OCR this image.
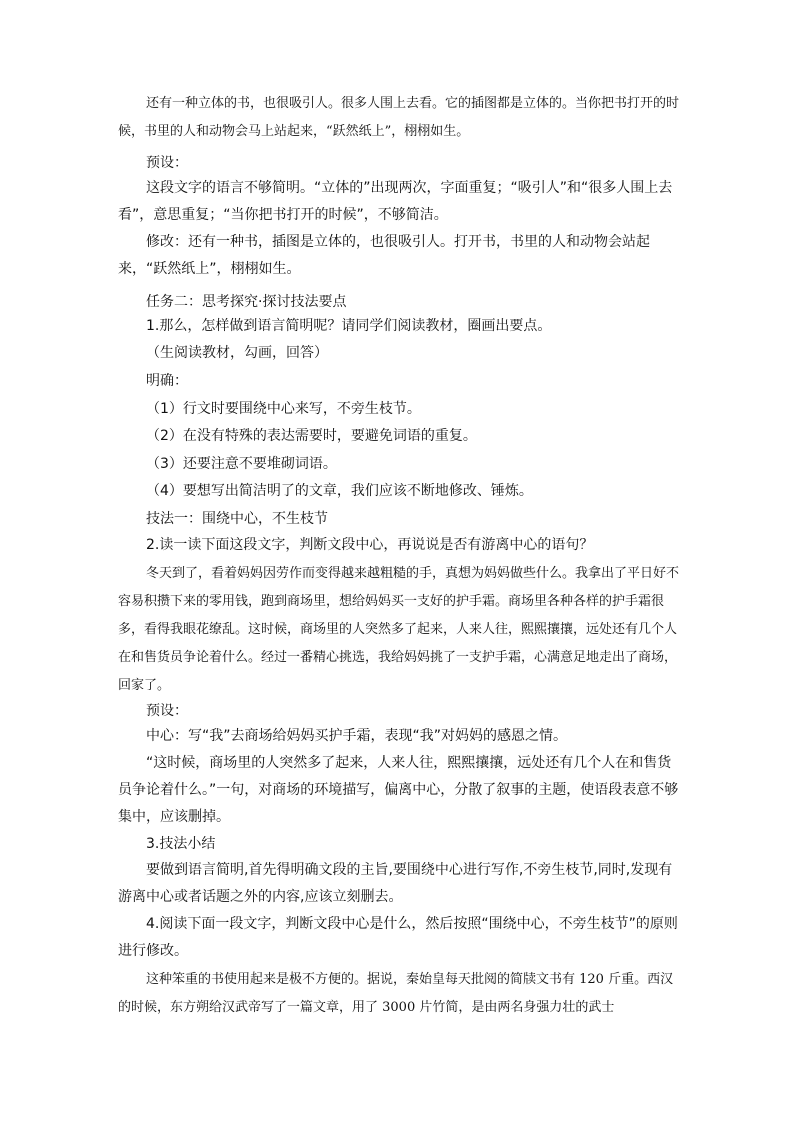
还有一种立体的书，也很吸引人。很多人围上去看。它的插图都是立体的。当你把书打开的时候，书里的人和动物会马上站起来，“跃然纸上”，栩栩如生。

预设：

这段文字的语言不够简明。“立体的”出现两次，字面重复；“吸引人”和“很多人围上去看”，意思重复；“当你把书打开的时候”，不够简洁。

修改：还有一种书，插图是立体的，也很吸引人。打开书，书里的人和动物会站起来，“跃然纸上”，栩栩如生。

任务二：思考探究·探讨技法要点
1.那么，怎样做到语言简明呢？请同学们阅读教材，圈画出要点。
（生阅读教材，勾画，回答）
明确：
（1）行文时要围绕中心来写，不旁生枝节。
（2）在没有特殊的表达需要时，要避免词语的重复。
（3）还要注意不要堆砌词语。
（4）要想写出简洁明了的文章，我们应该不断地修改、锤炼。
技法一：围绕中心，不生枝节
2.读一读下面这段文字，判断文段中心，再说说是否有游离中心的语句？

冬天到了，看着妈妈因劳作而变得越来越粗糙的手，真想为妈妈做些什么。我拿出了平日好不容易积攒下来的零用钱，跑到商场里，想给妈妈买一支好的护手霜。商场里各种各样的护手霜很多，看得我眼花缭乱。这时候，商场里的人突然多了起来，人来人往，熙熙攘攘，远处还有几个人在和售货员争论着什么。经过一番精心挑选，我给妈妈挑了一支护手霜，心满意足地走出了商场，回家了。

预设：

中心：写“我”去商场给妈妈买护手霜，表现“我”对妈妈的感恩之情。

“这时候，商场里的人突然多了起来，人来人往，熙熙攘攘，远处还有几个人在和售货员争论着什么。”一句，对商场的环境描写，偏离中心，分散了叙事的主题，使语段表意不够集中，应该删掉。

3.技法小结

要做到语言简明,首先得明确文段的主旨,要围绕中心进行写作,不旁生枝节,同时,发现有游离中心或者话题之外的内容,应该立刻删去。

4.阅读下面一段文字，判断文段中心是什么，然后按照“围绕中心，不旁生枝节”的原则进行修改。

这种笨重的书使用起来是极不方便的。据说，秦始皇每天批阅的简牍文书有 120 斤重。西汉的时候，东方朔给汉武帝写了一篇文章，用了 3000 片竹简，是由两名身强力壮的武士
